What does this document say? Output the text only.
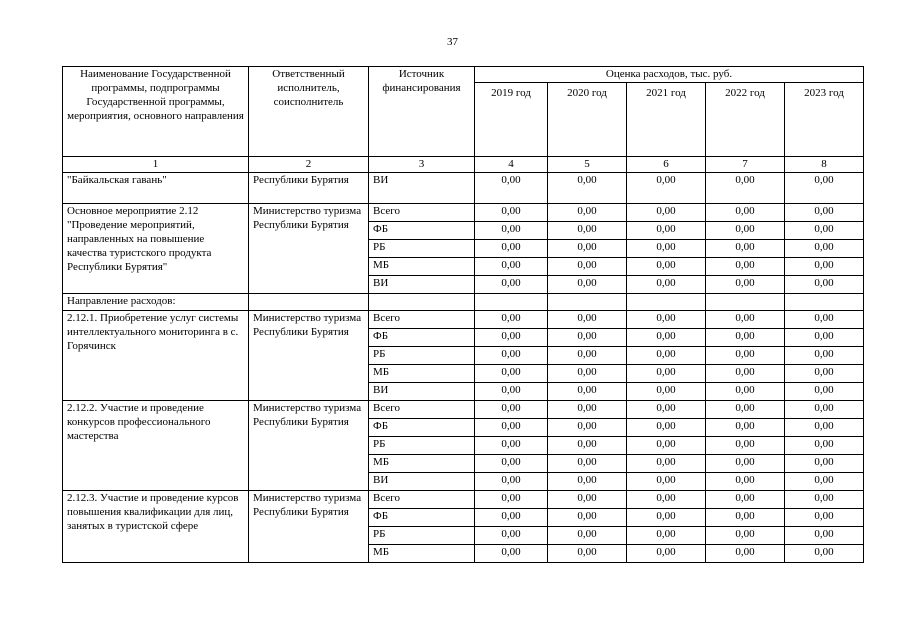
37
Наименование Государственной программы, подпрограммы Государственной программы, мероприятия, основного направления	Ответственный исполнитель, соисполнитель	Источник финансирования	Оценка расходов, тыс. руб.				
			2019 год	2020 год	2021 год	2022 год	2023 год
1	2	3	4	5	6	7	8
"Байкальская гавань"	Республики Бурятия	ВИ	0,00	0,00	0,00	0,00	0,00
Основное мероприятие 2.12 "Проведение мероприятий, направленных на повышение качества туристского продукта Республики Бурятия"	Министерство туризма Республики Бурятия	Всего	0,00	0,00	0,00	0,00	0,00
		ФБ	0,00	0,00	0,00	0,00	0,00
		РБ	0,00	0,00	0,00	0,00	0,00
		МБ	0,00	0,00	0,00	0,00	0,00
		ВИ	0,00	0,00	0,00	0,00	0,00
Направление расходов:							
2.12.1. Приобретение услуг системы интеллектуального мониторинга в с. Горячинск	Министерство туризма Республики Бурятия	Всего	0,00	0,00	0,00	0,00	0,00
		ФБ	0,00	0,00	0,00	0,00	0,00
		РБ	0,00	0,00	0,00	0,00	0,00
		МБ	0,00	0,00	0,00	0,00	0,00
		ВИ	0,00	0,00	0,00	0,00	0,00
2.12.2. Участие и проведение конкурсов профессионального мастерства	Министерство туризма Республики Бурятия	Всего	0,00	0,00	0,00	0,00	0,00
		ФБ	0,00	0,00	0,00	0,00	0,00
		РБ	0,00	0,00	0,00	0,00	0,00
		МБ	0,00	0,00	0,00	0,00	0,00
		ВИ	0,00	0,00	0,00	0,00	0,00
2.12.3. Участие и проведение курсов повышения квалификации для лиц, занятых в туристской сфере	Министерство туризма Республики Бурятия	Всего	0,00	0,00	0,00	0,00	0,00
		ФБ	0,00	0,00	0,00	0,00	0,00
		РБ	0,00	0,00	0,00	0,00	0,00
		МБ	0,00	0,00	0,00	0,00	0,00
